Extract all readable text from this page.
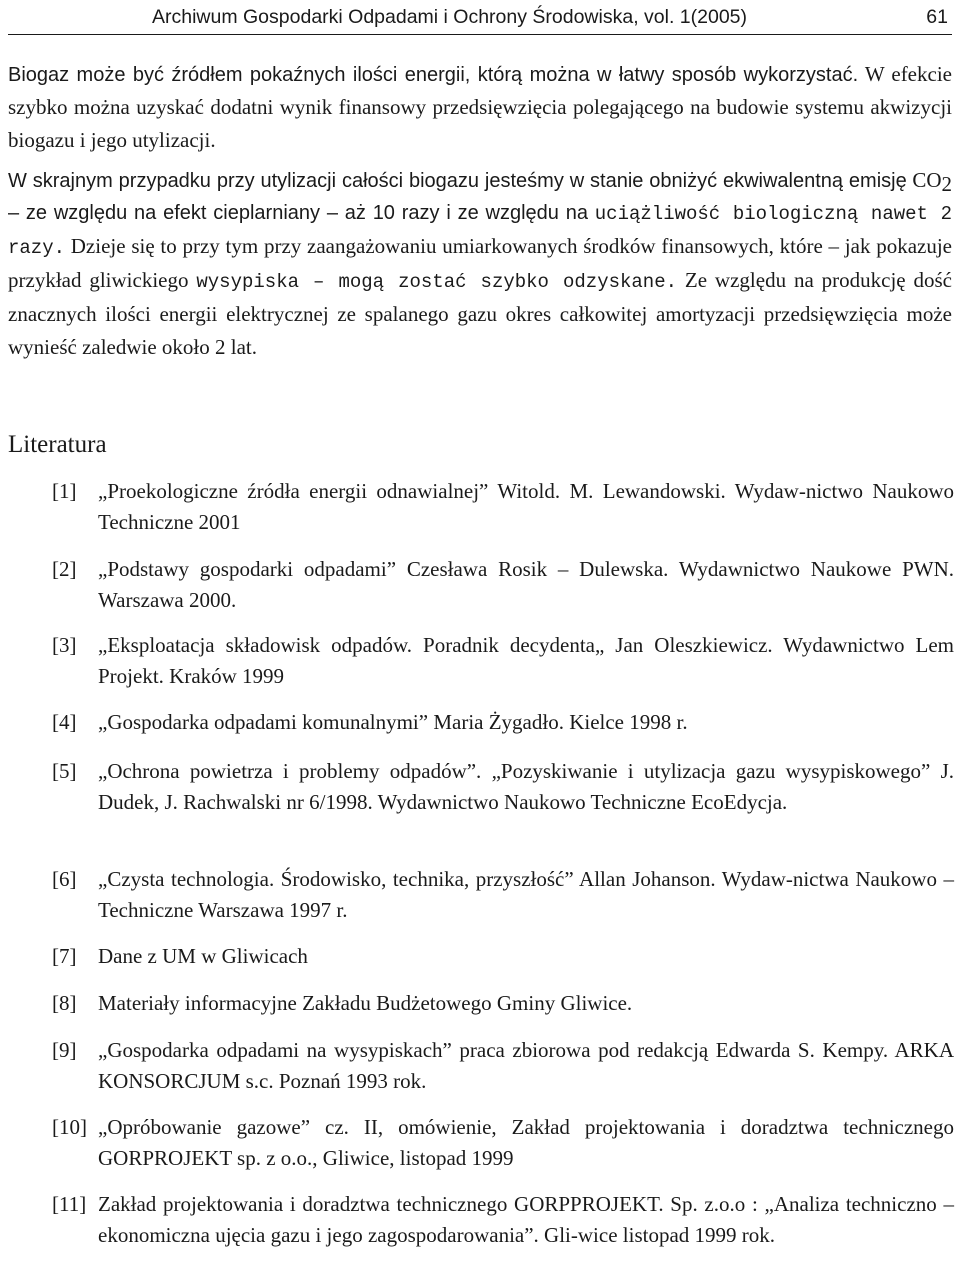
Archiwum Gospodarki Odpadami i Ochrony Środowiska, vol. 1(2005)	61

Biogaz może być źródłem pokaźnych ilości energii, którą można w łatwy sposób wykorzystać. W efekcie szybko można uzyskać dodatni wynik finansowy przedsięwzięcia polegającego na budowie systemu akwizycji biogazu i jego utylizacji.

W skrajnym przypadku przy utylizacji całości biogazu jesteśmy w stanie obniżyć ekwiwalentną emisję $CO_2$ – ze względu na efekt cieplarniany – aż 10 razy i ze względu na uciążliwość biologiczną nawet 2 razy. Dzieje się to przy tym przy zaangażowaniu umiarkowanych środków finansowych, które – jak pokazuje przykład gliwickiego wysypiska – mogą zostać szybko odzyskane. Ze względu na produkcję dość znacznych ilości energii elektrycznej ze spalanego gazu okres całkowitej amortyzacji przedsięwzięcia może wynieść zaledwie około 2 lat.

Literatura
[1] „Proekologiczne źródła energii odnawialnej” Witold. M. Lewandowski. Wydaw-nictwo Naukowo Techniczne 2001
[2] „Podstawy gospodarki odpadami” Czesława Rosik – Dulewska. Wydawnictwo Naukowe PWN. Warszawa 2000.
[3] „Eksploatacja składowisk odpadów. Poradnik decydenta„ Jan Oleszkiewicz. Wydawnictwo Lem Projekt. Kraków 1999
[4] „Gospodarka odpadami komunalnymi” Maria Żygadło. Kielce 1998 r.
[5] „Ochrona powietrza i problemy odpadów”. „Pozyskiwanie i utylizacja gazu wysypiskowego” J. Dudek, J. Rachwalski nr 6/1998. Wydawnictwo Naukowo Techniczne EcoEdycja.
[6] „Czysta technologia. Środowisko, technika, przyszłość” Allan Johanson. Wydaw-nictwa Naukowo – Techniczne Warszawa 1997 r.
[7] Dane z UM w Gliwicach
[8] Materiały informacyjne Zakładu Budżetowego Gminy Gliwice.
[9] „Gospodarka odpadami na wysypiskach” praca zbiorowa pod redakcją Edwarda S. Kempy. ARKA KONSORCJUM s.c. Poznań 1993 rok.
[10] „Opróbowanie gazowe” cz. II, omówienie, Zakład projektowania i doradztwa technicznego GORPROJEKT sp. z o.o., Gliwice, listopad 1999
[11] Zakład projektowania i doradztwa technicznego GORPPROJEKT. Sp. z.o.o : „Analiza techniczno – ekonomiczna ujęcia gazu i jego zagospodarowania”. Gli-wice listopad 1999 rok.
